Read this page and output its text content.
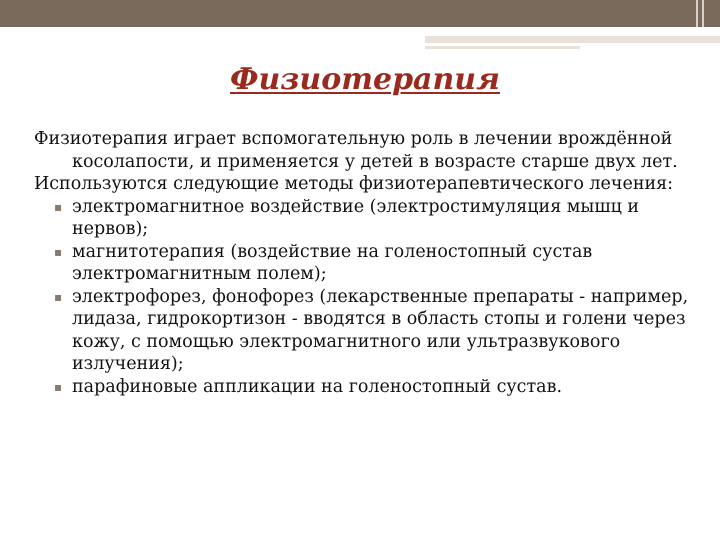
Физиотерапия

Физиотерапия играет вспомогательную роль в лечении врождённой косолапости, и применяется у детей в возрасте старше двух лет.

Используются следующие методы физиотерапевтического лечения:

▪ электромагнитное воздействие (электростимуляция мышц и нервов);
▪ магнитотерапия (воздействие на голеностопный сустав электромагнитным полем);
▪ электрофорез, фонофорез (лекарственные препараты - например, лидаза, гидрокортизон - вводятся в область стопы и голени через кожу, с помощью электромагнитного или ультразвукового излучения);
▪ парафиновые аппликации на голеностопный сустав.
